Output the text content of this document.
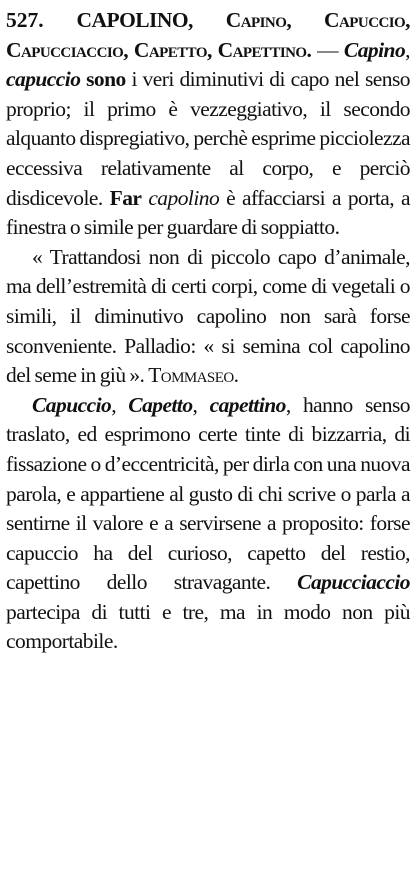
527. CAPOLINO, Capino, Capuccio, Capucciaccio, Capetto, Capettino. — Capino, capuccio sono i veri diminutivi di capo nel senso proprio; il primo è vezzeggiativo, il secondo alquanto dispregiativo, perchè esprime picciolezza eccessiva relativamente al corpo, e perciò disdicevole. Far capolino è affacciarsi a porta, a finestra o simile per guardare di soppiatto.

« Trattandosi non di piccolo capo d’animale, ma dell’estremità di certi corpi, come di vegetali o simili, il diminutivo capolino non sarà forse sconveniente. Palladio: « si semina col capolino del seme in giù ». Tommaseo.

Capuccio, Capetto, capettino, hanno senso traslato, ed esprimono certe tinte di bizzarria, di fissazione o d’eccentricità, per dirla con una nuova parola, e appartiene al gusto di chi scrive o parla a sentirne il valore e a servirsene a proposito: forse capuccio ha del curioso, capetto del restio, capettino dello stravagante. Capucciaccio partecipa di tutti e tre, ma in modo non più comportabile.
